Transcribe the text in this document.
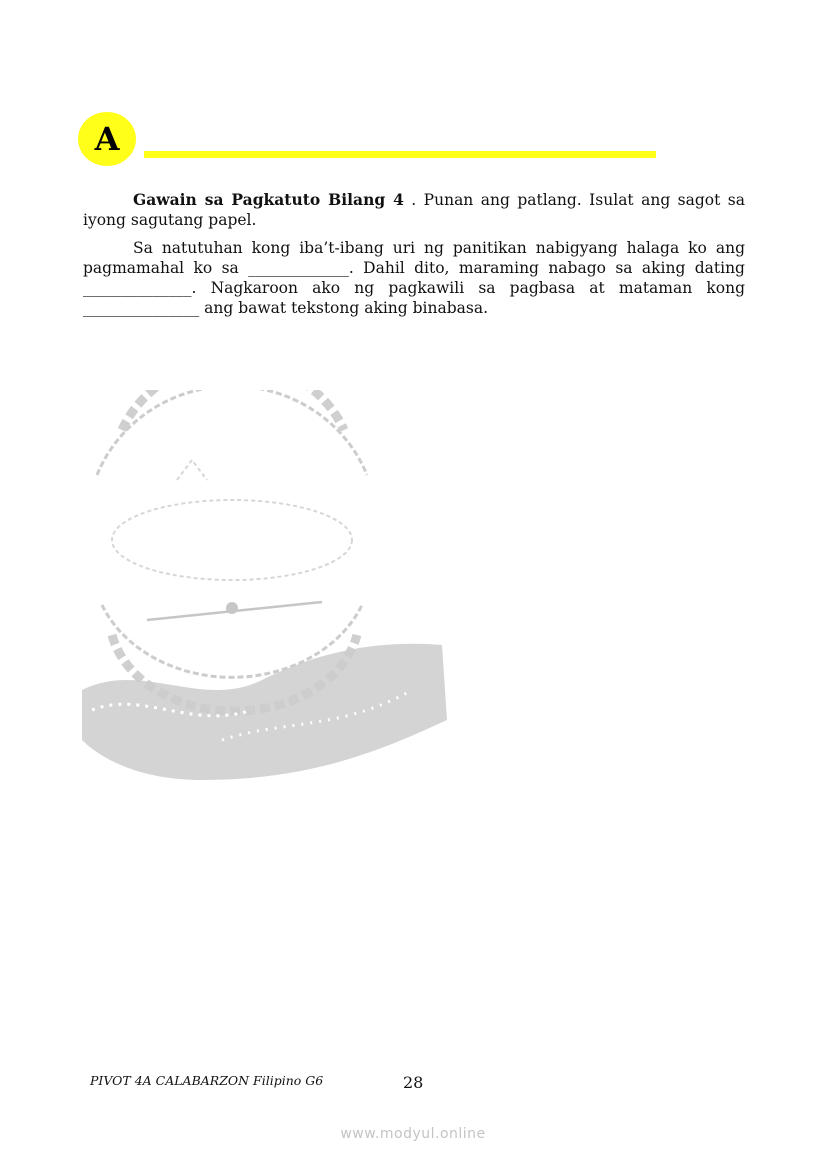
A

Gawain sa Pagkatuto Bilang 4 . Punan ang patlang. Isulat ang sagot sa iyong sagutang papel.

Sa natutuhan kong iba’t-ibang uri ng panitikan nabigyang halaga ko ang pagmamahal ko sa _____________. Dahil dito, maraming nabago sa aking dating ______________. Nagkaroon ako ng pagkawili sa pagbasa at mataman kong _______________ ang bawat tekstong aking binabasa.

PIVOT 4A CALABARZON Filipino G6	28
www.modyul.online
